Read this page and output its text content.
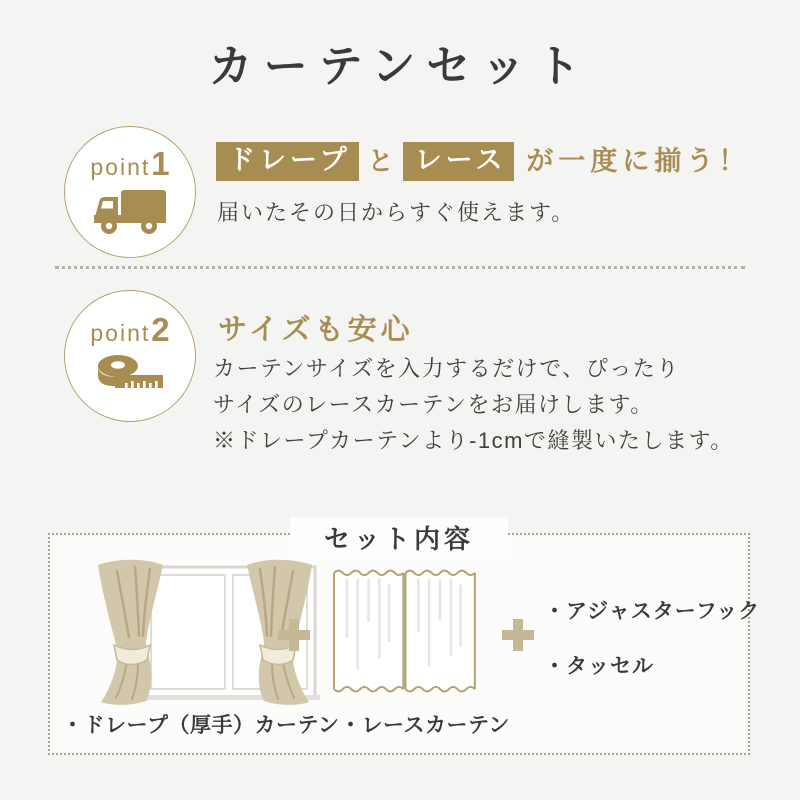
カーテンセット
point 1	ドレープ と レース が一度に揃う！
届いたその日からすぐ使えます。
point 2 サイズも安心
カーテンサイズを入力するだけで、ぴったり
サイズのレースカーテンをお届けします。
※ドレープカーテンより-1cmで縫製いたします。
セット内容
・ドレープ（厚手）カーテン ・レースカーテン
・アジャスターフック
・タッセル
